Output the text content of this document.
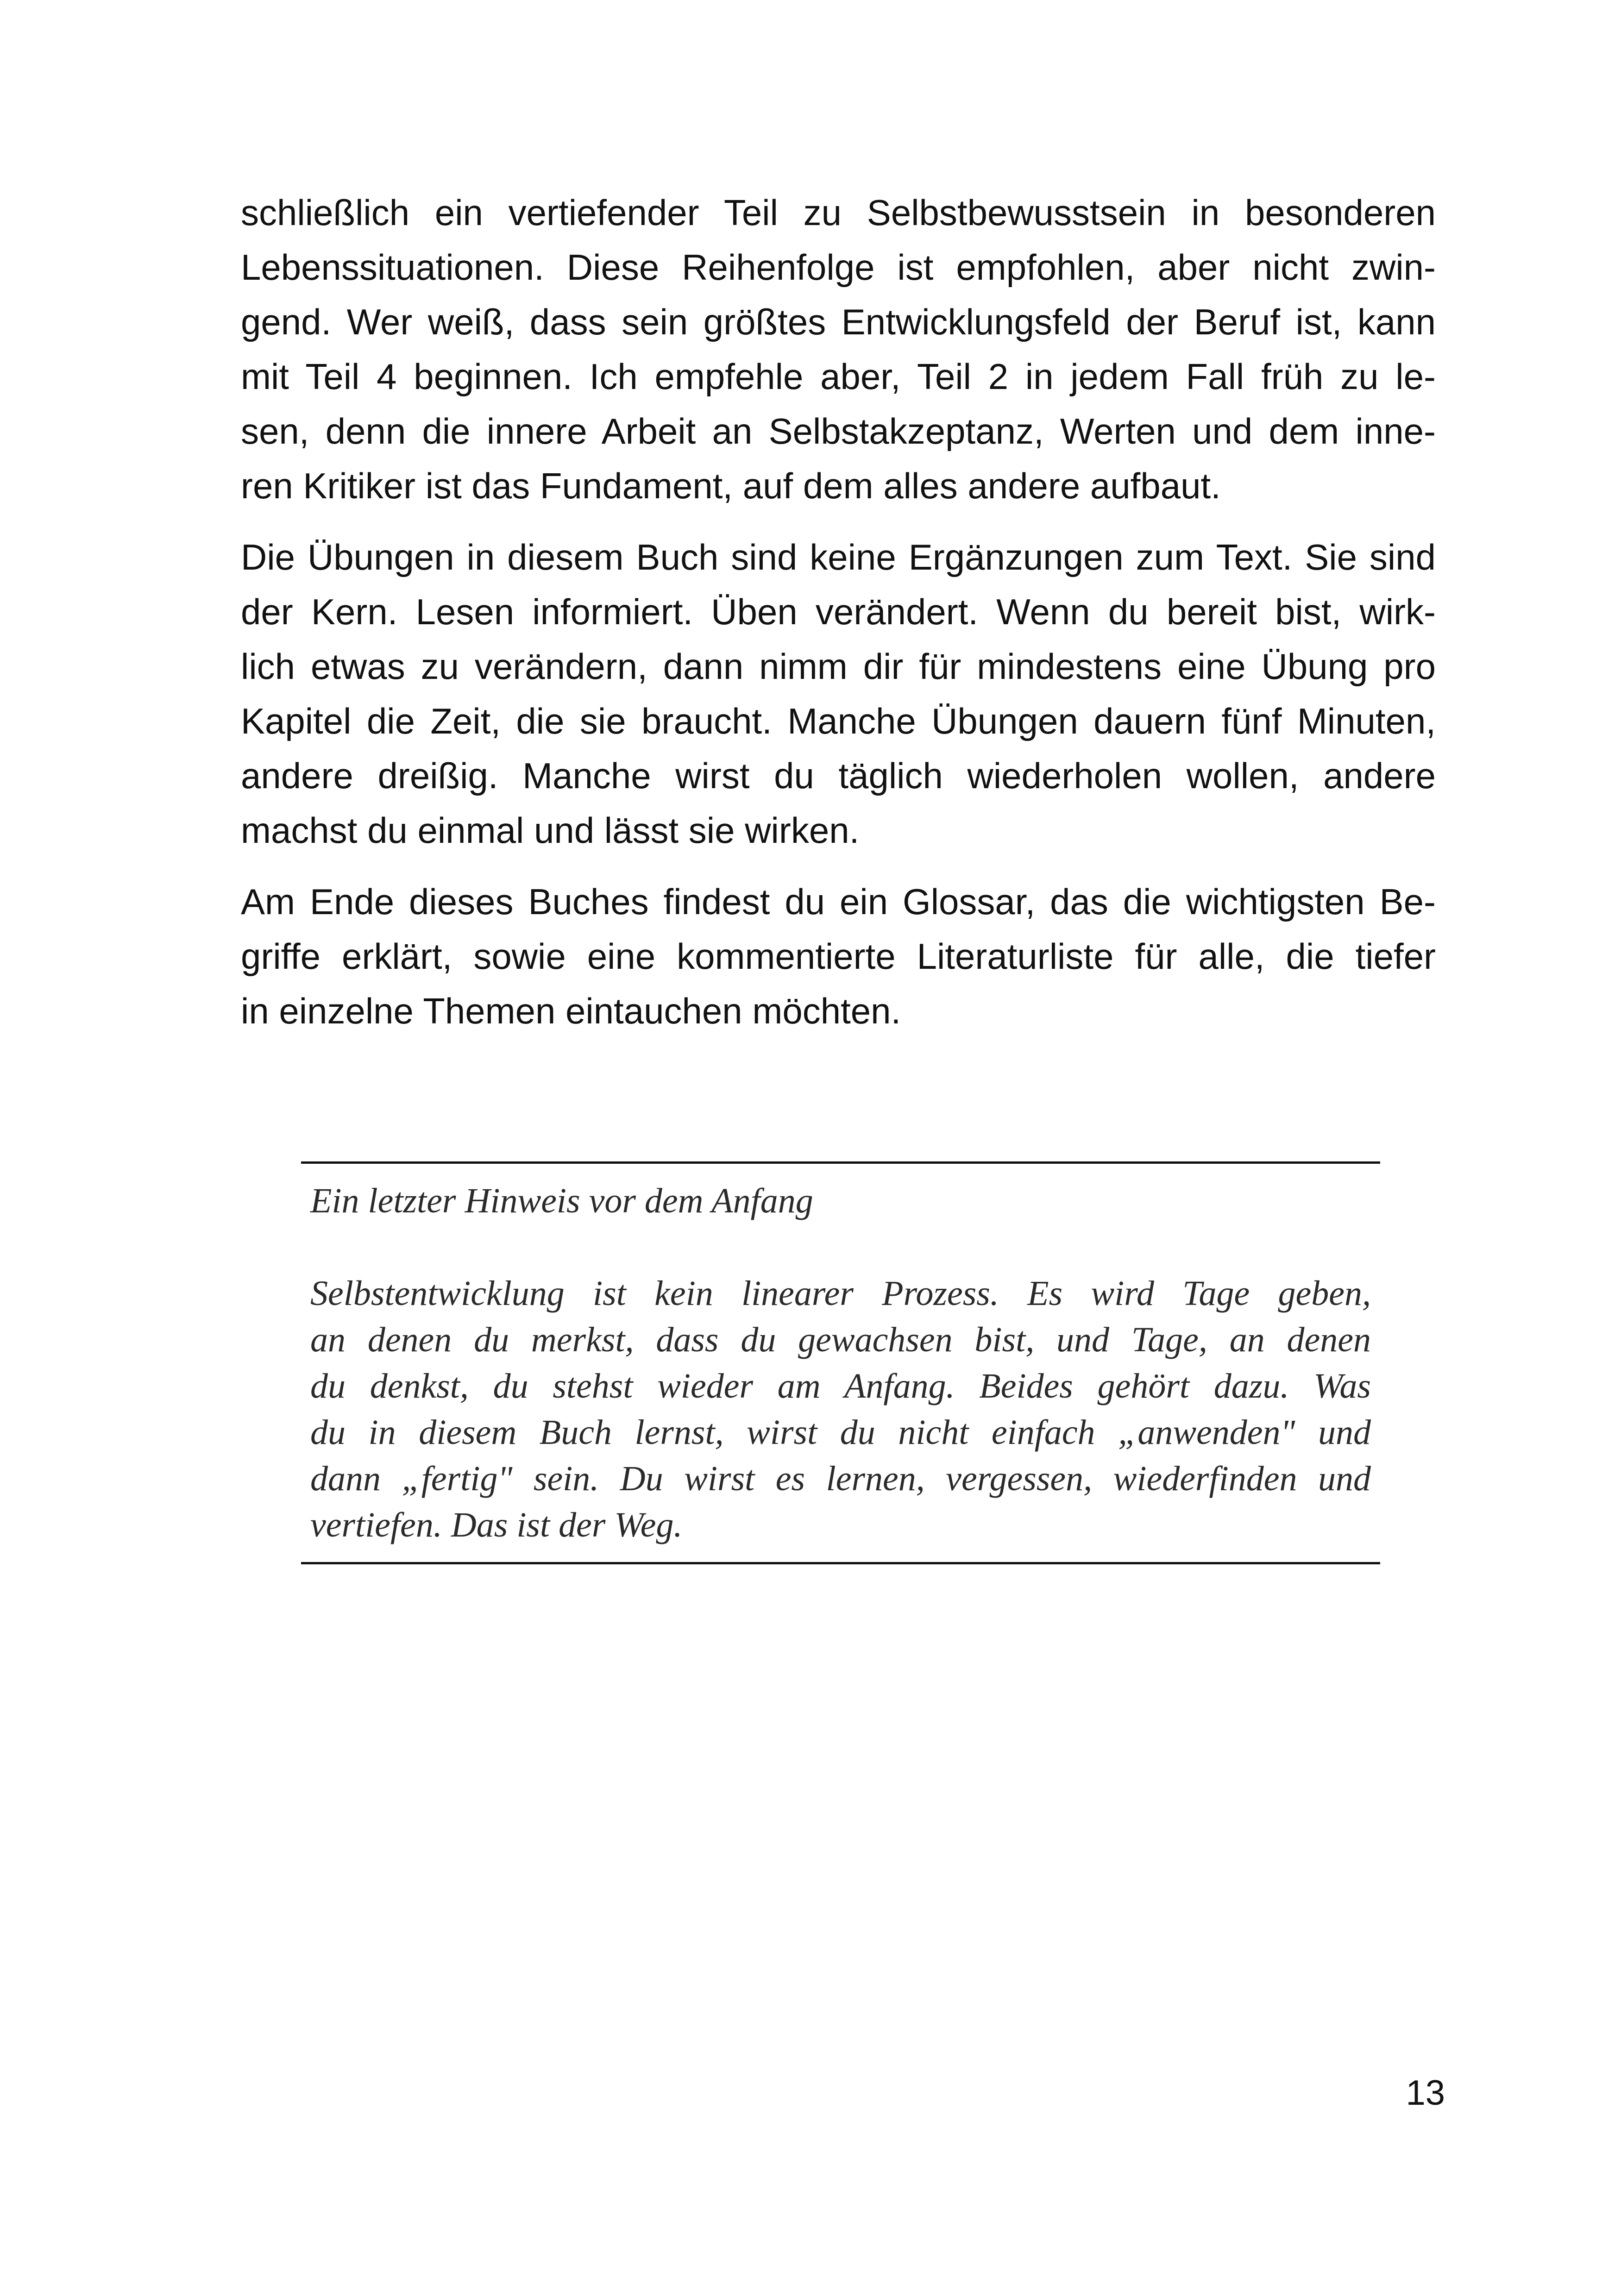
schließlich ein vertiefender Teil zu Selbstbewusstsein in besonderen
Lebenssituationen. Diese Reihenfolge ist empfohlen, aber nicht zwin-
gend. Wer weiß, dass sein größtes Entwicklungsfeld der Beruf ist, kann
mit Teil 4 beginnen. Ich empfehle aber, Teil 2 in jedem Fall früh zu le-
sen, denn die innere Arbeit an Selbstakzeptanz, Werten und dem inne-
ren Kritiker ist das Fundament, auf dem alles andere aufbaut.

Die Übungen in diesem Buch sind keine Ergänzungen zum Text. Sie sind
der Kern. Lesen informiert. Üben verändert. Wenn du bereit bist, wirk-
lich etwas zu verändern, dann nimm dir für mindestens eine Übung pro
Kapitel die Zeit, die sie braucht. Manche Übungen dauern fünf Minuten,
andere dreißig. Manche wirst du täglich wiederholen wollen, andere
machst du einmal und lässt sie wirken.

Am Ende dieses Buches findest du ein Glossar, das die wichtigsten Be-
griffe erklärt, sowie eine kommentierte Literaturliste für alle, die tiefer
in einzelne Themen eintauchen möchten.

Ein letzter Hinweis vor dem Anfang
Selbstentwicklung ist kein linearer Prozess. Es wird Tage geben,
an denen du merkst, dass du gewachsen bist, und Tage, an denen
du denkst, du stehst wieder am Anfang. Beides gehört dazu. Was
du in diesem Buch lernst, wirst du nicht einfach „anwenden" und
dann „fertig" sein. Du wirst es lernen, vergessen, wiederfinden und
vertiefen. Das ist der Weg.
13
